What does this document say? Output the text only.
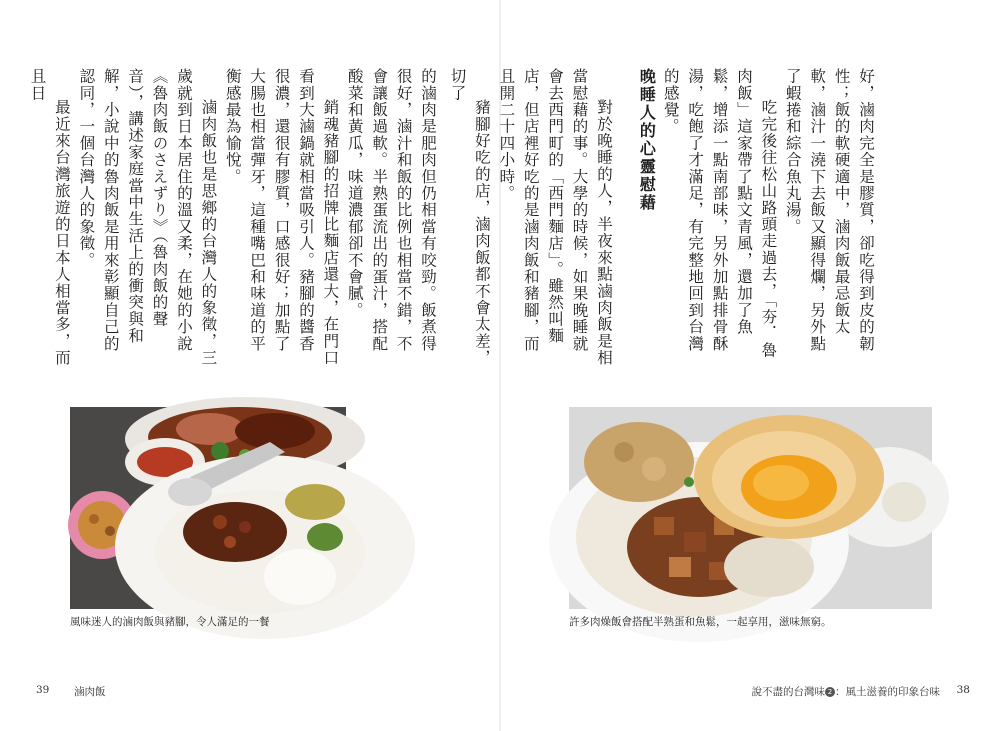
好，滷肉完全是膠質，卻吃得到皮的韌性；飯的軟硬適中，滷肉飯最忌飯太軟，滷汁一澆下去飯又顯得爛，另外點了蝦捲和綜合魚丸湯。

吃完後往松山路頭走過去，「夯．魯肉飯」這家帶了點文青風，還加了魚鬆，增添一點南部味，另外加點排骨酥湯，吃飽了才滿足，有完整地回到台灣的感覺。

晚睡人的心靈慰藉

對於晚睡的人，半夜來點滷肉飯是相當慰藉的事。大學的時候，如果晚睡就會去西門町的「西門麵店」。雖然叫麵店，但店裡好吃的是滷肉飯和豬腳，而且開二十四小時。

豬腳好吃的店，滷肉飯都不會太差，切了

的滷肉是肥肉但仍相當有咬勁。飯煮得很好，滷汁和飯的比例也相當不錯，不會讓飯過軟。半熟蛋流出的蛋汁，搭配酸菜和黃瓜，味道濃郁卻不會膩。

銷魂豬腳的招牌比麵店還大，在門口看到大滷鍋就相當吸引人。豬腳的醬香很濃，還很有膠質，口感很好；加點了大腸也相當彈牙，這種嘴巴和味道的平衡感最為愉悅。

滷肉飯也是思鄉的台灣人的象徵，三歲就到日本居住的溫又柔，在她的小說《魯肉飯のさえずり》（魯肉飯的聲音），講述家庭當中生活上的衝突與和解，小說中的魯肉飯是用來彰顯自己的認同，一個台灣人的象徵。

最近來台灣旅遊的日本人相當多，而且日

風味迷人的滷肉飯與豬腳，令人滿足的一餐	許多肉燥飯會搭配半熟蛋和魚鬆，一起享用，滋味無窮。
39 滷肉飯	說不盡的台灣味 2 ：風土滋養的印象台味 38
